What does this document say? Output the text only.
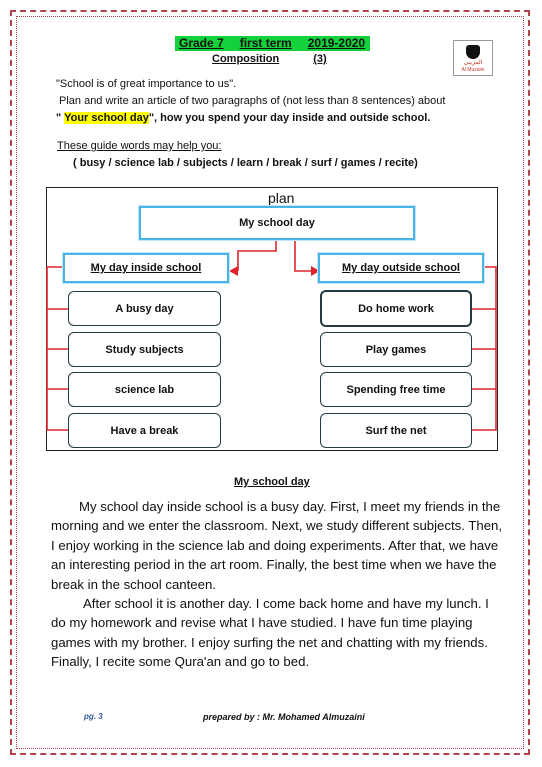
Grade 7 first term 2019-2020
Composition	(3)	المزيني
Al Muzaini

"School is of great importance to us".

Plan and write an article of two paragraphs of (not less than 8 sentences) about

" Your school day", how you spend your day inside and outside school.

These guide words may help you:
( busy / science lab / subjects / learn / break / surf / games / recite)
plan
My school day
My day inside school	My day outside school
A busy day
Study subjects
science lab
Have a break
Do home work
Play games
Spending free time
Surf the net
My school day

My school day inside school is a busy day. First, I meet my friends in the morning and we enter the classroom. Next, we study different subjects. Then, I enjoy working in the science lab and doing experiments. After that, we have an interesting period in the art room. Finally, the best time when we have the break in the school canteen.

After school it is another day. I come back home and have my lunch. I do my homework and revise what I have studied. I have fun time playing games with my brother. I enjoy surfing the net and chatting with my friends. Finally, I recite some Qura'an and go to bed.

pg. 3	prepared by : Mr. Mohamed Almuzaini
